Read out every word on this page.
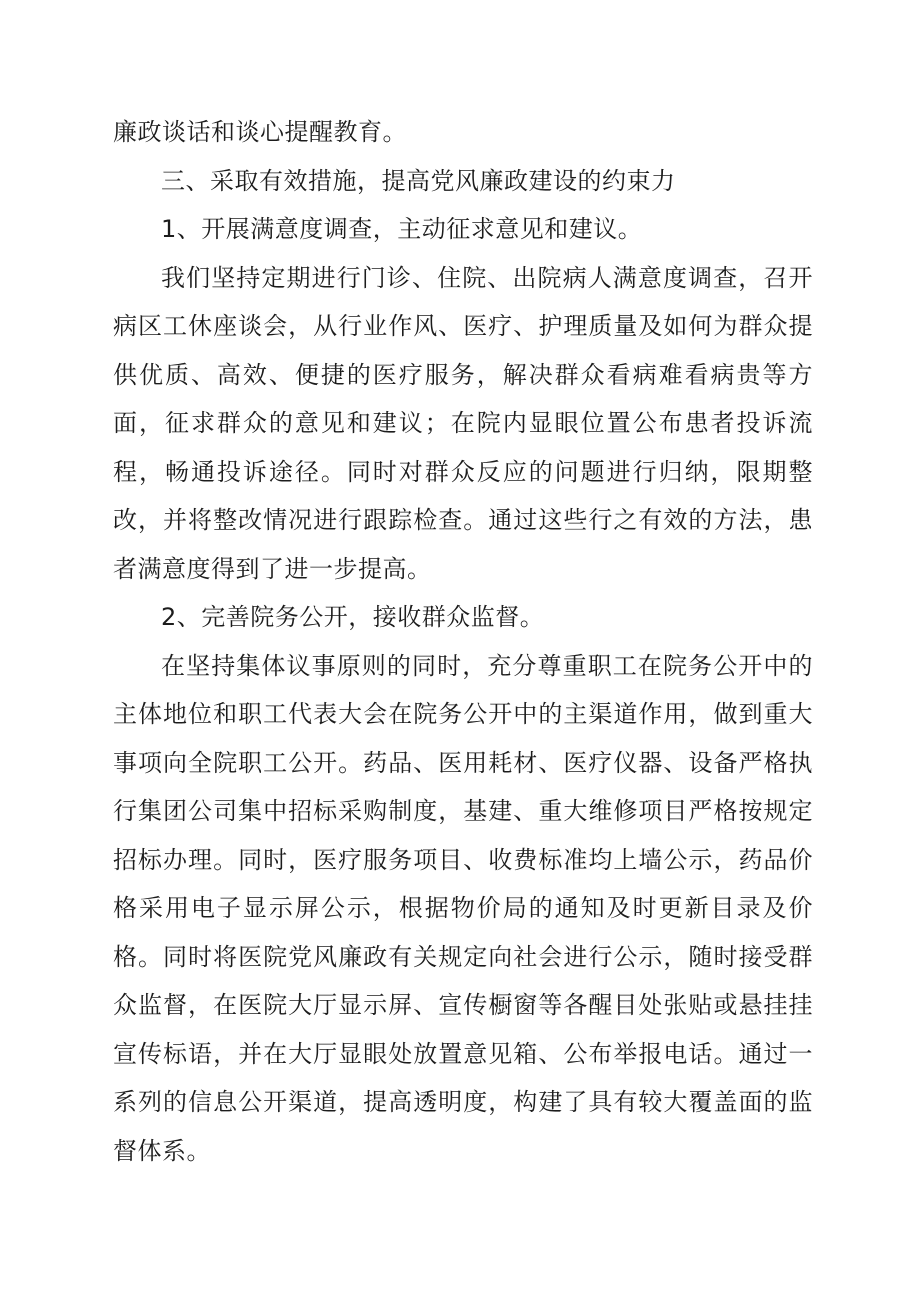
廉政谈话和谈心提醒教育。

三、采取有效措施，提高党风廉政建设的约束力

1、开展满意度调查，主动征求意见和建议。

我们坚持定期进行门诊、住院、出院病人满意度调查，召开病区工休座谈会，从行业作风、医疗、护理质量及如何为群众提供优质、高效、便捷的医疗服务，解决群众看病难看病贵等方面，征求群众的意见和建议；在院内显眼位置公布患者投诉流程，畅通投诉途径。同时对群众反应的问题进行归纳，限期整改，并将整改情况进行跟踪检查。通过这些行之有效的方法，患者满意度得到了进一步提高。

2、完善院务公开，接收群众监督。

在坚持集体议事原则的同时，充分尊重职工在院务公开中的主体地位和职工代表大会在院务公开中的主渠道作用，做到重大事项向全院职工公开。药品、医用耗材、医疗仪器、设备严格执行集团公司集中招标采购制度，基建、重大维修项目严格按规定招标办理。同时，医疗服务项目、收费标准均上墙公示，药品价格采用电子显示屏公示，根据物价局的通知及时更新目录及价格。同时将医院党风廉政有关规定向社会进行公示，随时接受群众监督，在医院大厅显示屏、宣传橱窗等各醒目处张贴或悬挂挂宣传标语，并在大厅显眼处放置意见箱、公布举报电话。通过一系列的信息公开渠道，提高透明度，构建了具有较大覆盖面的监督体系。
